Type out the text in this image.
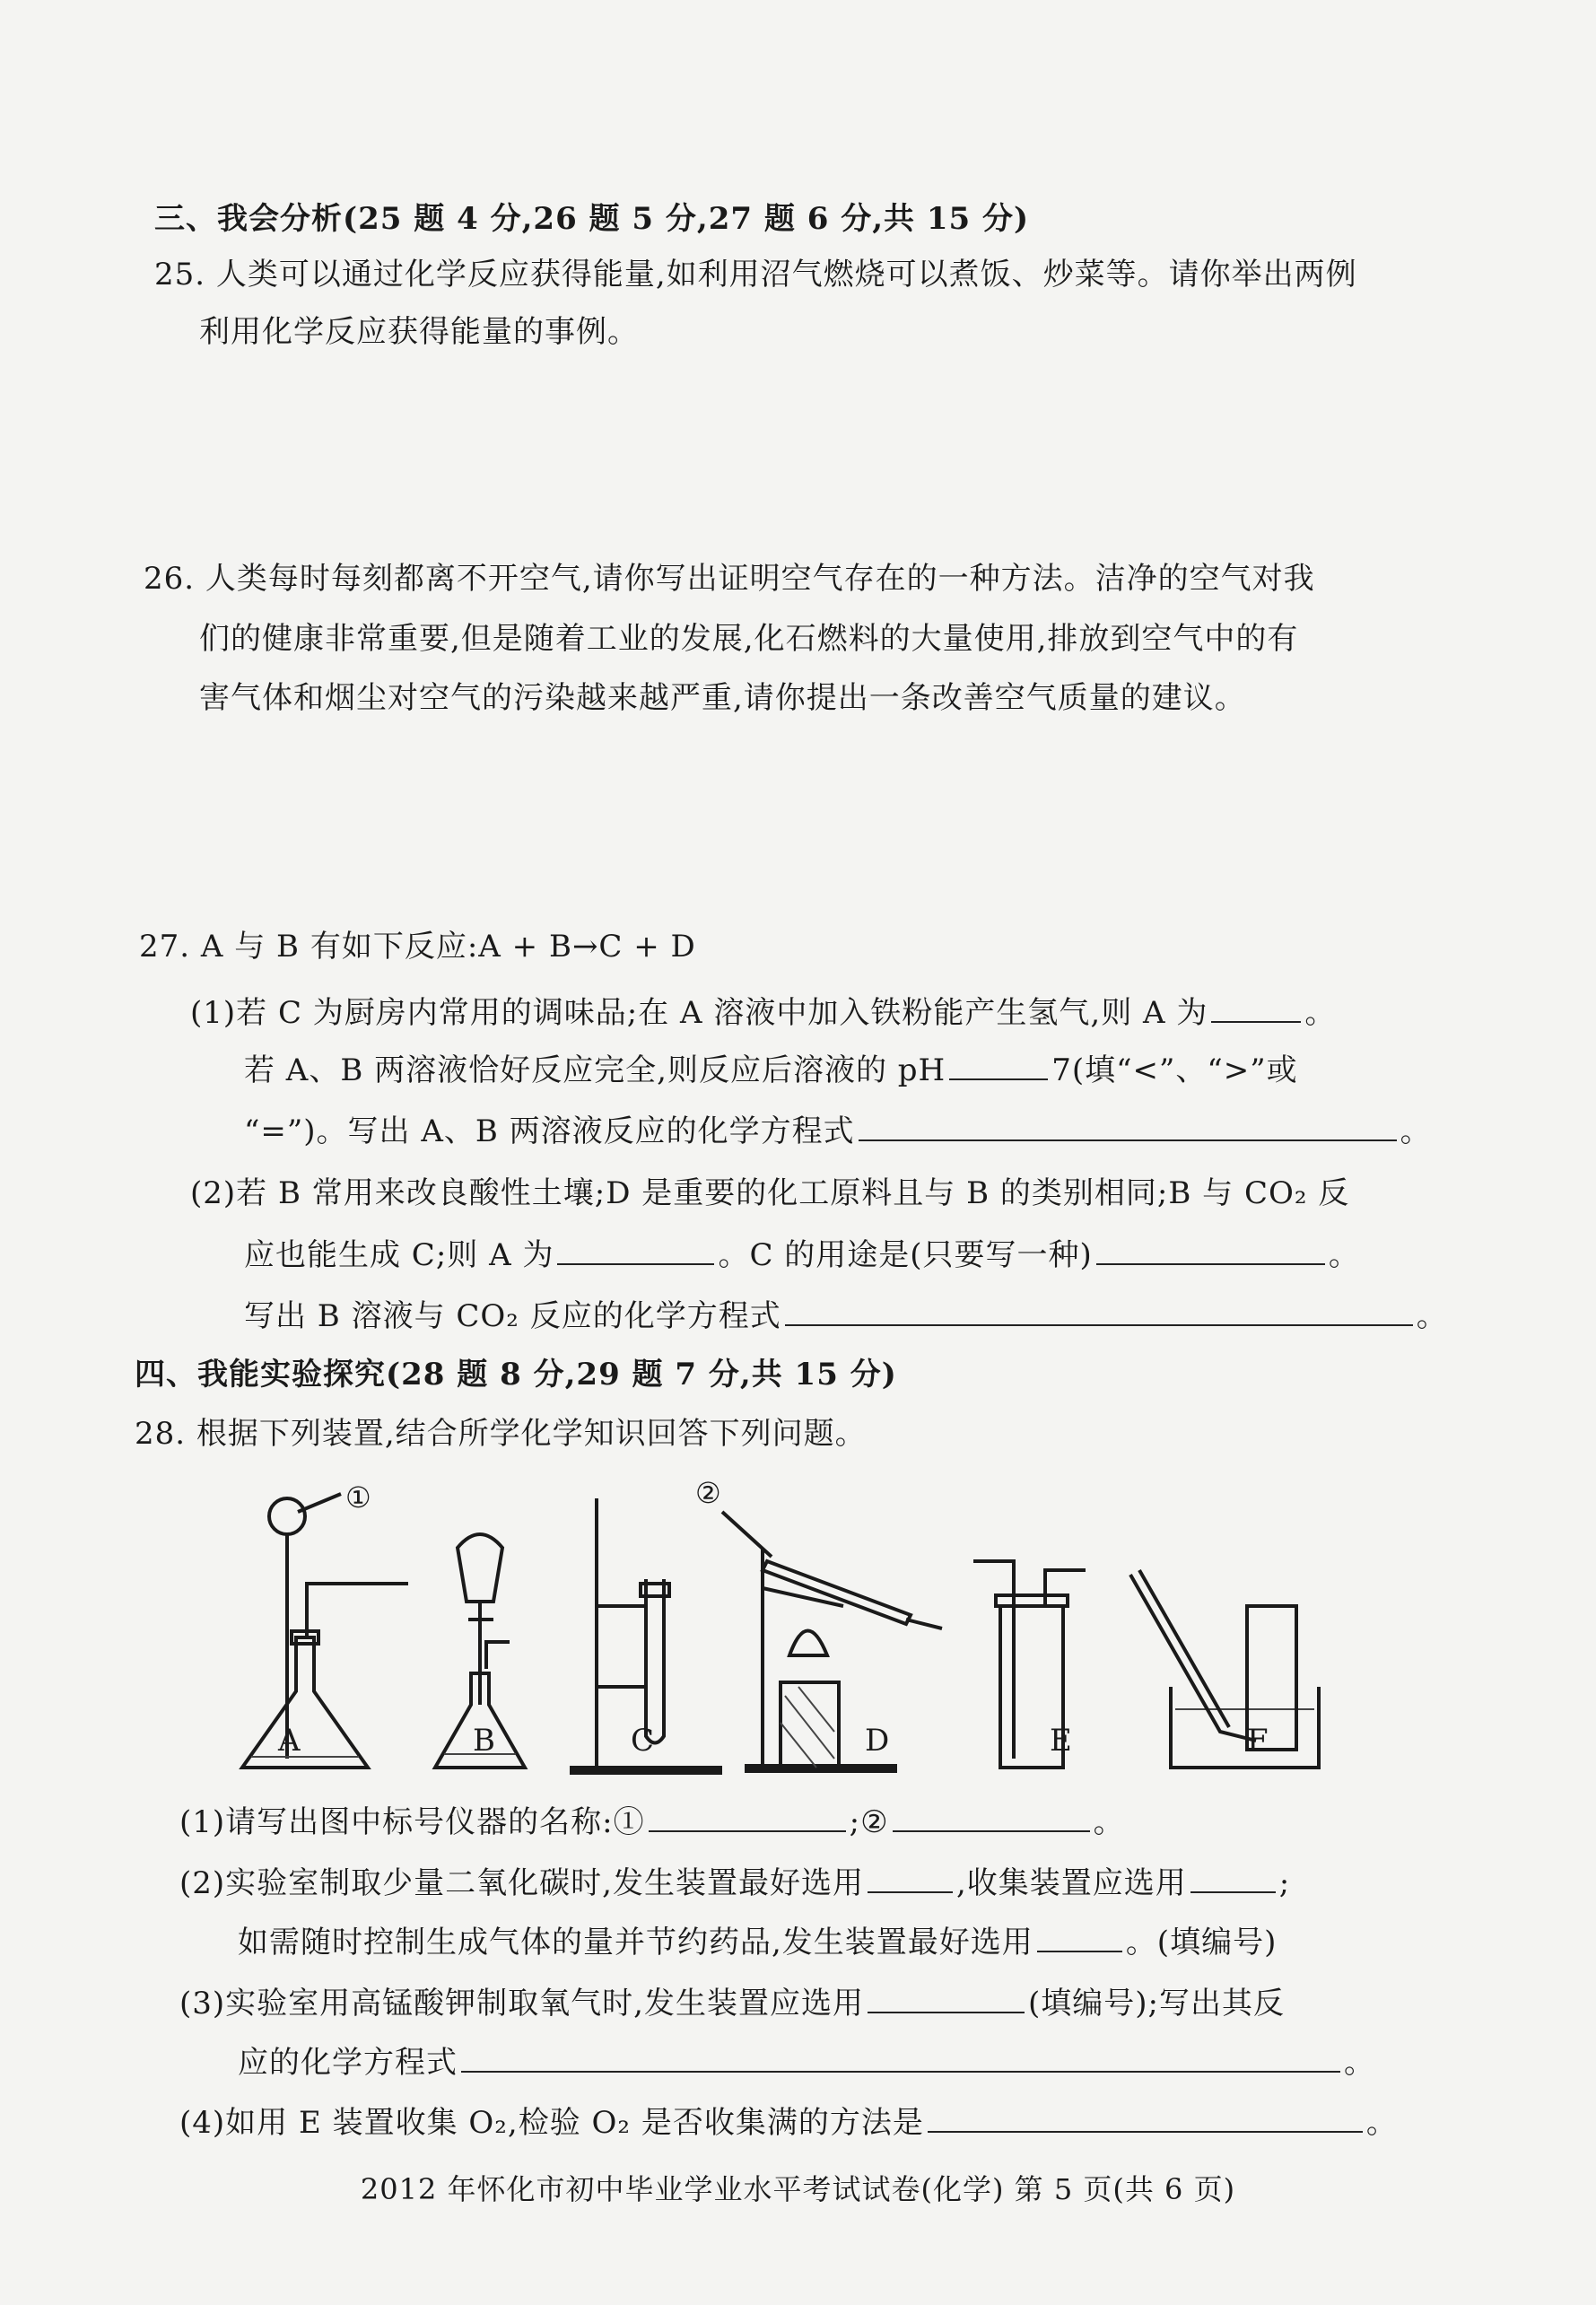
三、我会分析(25 题 4 分,26 题 5 分,27 题 6 分,共 15 分)
25. 人类可以通过化学反应获得能量,如利用沼气燃烧可以煮饭、炒菜等。请你举出两例
利用化学反应获得能量的事例。
26. 人类每时每刻都离不开空气,请你写出证明空气存在的一种方法。洁净的空气对我
们的健康非常重要,但是随着工业的发展,化石燃料的大量使用,排放到空气中的有
害气体和烟尘对空气的污染越来越严重,请你提出一条改善空气质量的建议。
27. A 与 B 有如下反应:A + B→C + D
(1)若 C 为厨房内常用的调味品;在 A 溶液中加入铁粉能产生氢气,则 A 为	。
若 A、B 两溶液恰好反应完全,则反应后溶液的 pH	7(填“<”、“>”或
“=”)。写出 A、B 两溶液反应的化学方程式	。
(2)若 B 常用来改良酸性土壤;D 是重要的化工原料且与 B 的类别相同;B 与 CO₂ 反
应也能生成 C;则 A 为	。C 的用途是(只要写一种)	。
写出 B 溶液与 CO₂ 反应的化学方程式	。
四、我能实验探究(28 题 8 分,29 题 7 分,共 15 分)
28. 根据下列装置,结合所学化学知识回答下列问题。
①	②
A	B	C	D	E	F
(1)请写出图中标号仪器的名称:①	;②	。
(2)实验室制取少量二氧化碳时,发生装置最好选用	,收集装置应选用	;
如需随时控制生成气体的量并节约药品,发生装置最好选用	。(填编号)
(3)实验室用高锰酸钾制取氧气时,发生装置应选用	(填编号);写出其反
应的化学方程式	。
(4)如用 E 装置收集 O₂,检验 O₂ 是否收集满的方法是	。
2012 年怀化市初中毕业学业水平考试试卷(化学) 第 5 页(共 6 页)
